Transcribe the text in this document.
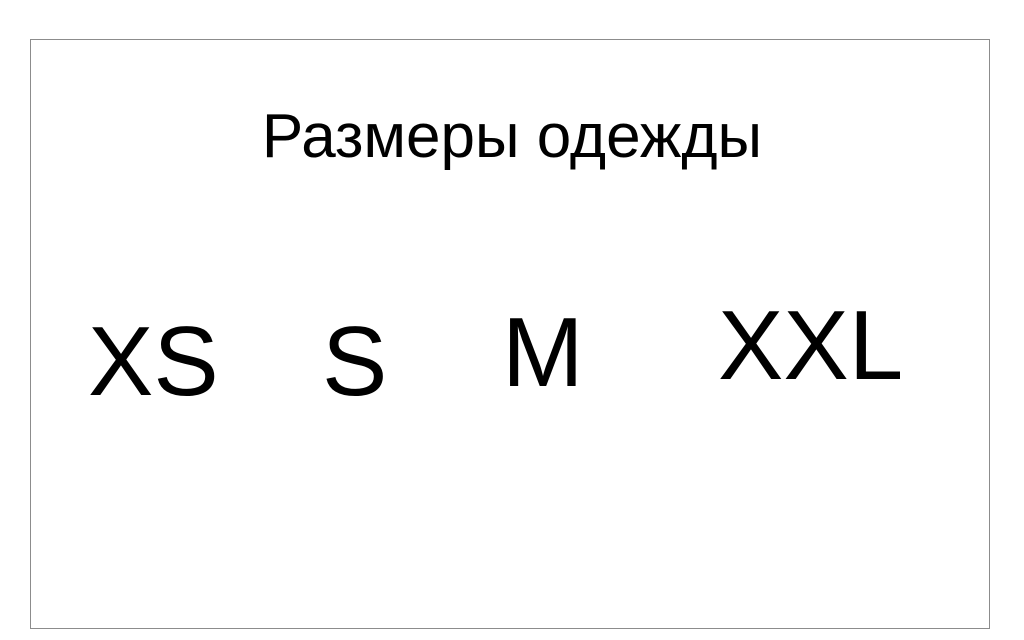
Размеры одежды
XS S M XXL
